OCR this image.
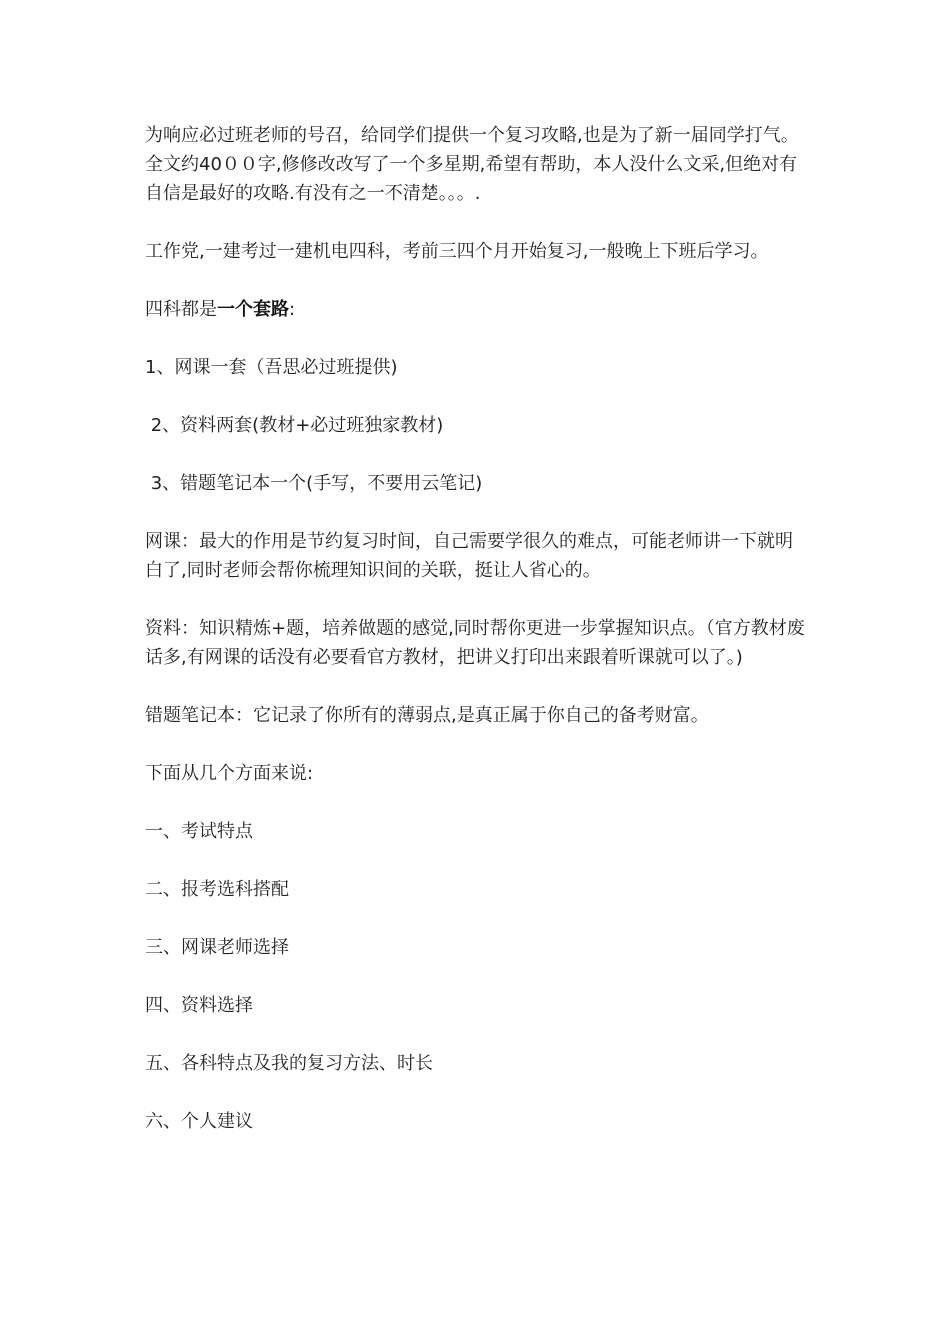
为响应必过班老师的号召，给同学们提供一个复习攻略,也是为了新一届同学打气。全文约40００字,修修改改写了一个多星期,希望有帮助，本人没什么文采,但绝对有自信是最好的攻略.有没有之一不清楚。。。.

工作党,一建考过一建机电四科，考前三四个月开始复习,一般晚上下班后学习。

四科都是一个套路:

1、网课一套（吾思必过班提供)

2、资料两套(教材+必过班独家教材)

3、错题笔记本一个(手写，不要用云笔记)

网课：最大的作用是节约复习时间，自己需要学很久的难点，可能老师讲一下就明白了,同时老师会帮你梳理知识间的关联，挺让人省心的。

资料：知识精炼+题，培养做题的感觉,同时帮你更进一步掌握知识点。（官方教材废话多,有网课的话没有必要看官方教材，把讲义打印出来跟着听课就可以了。)

错题笔记本：它记录了你所有的薄弱点,是真正属于你自己的备考财富。

下面从几个方面来说:

一、考试特点

二、报考选科搭配

三、网课老师选择

四、资料选择

五、各科特点及我的复习方法、时长

六、个人建议
